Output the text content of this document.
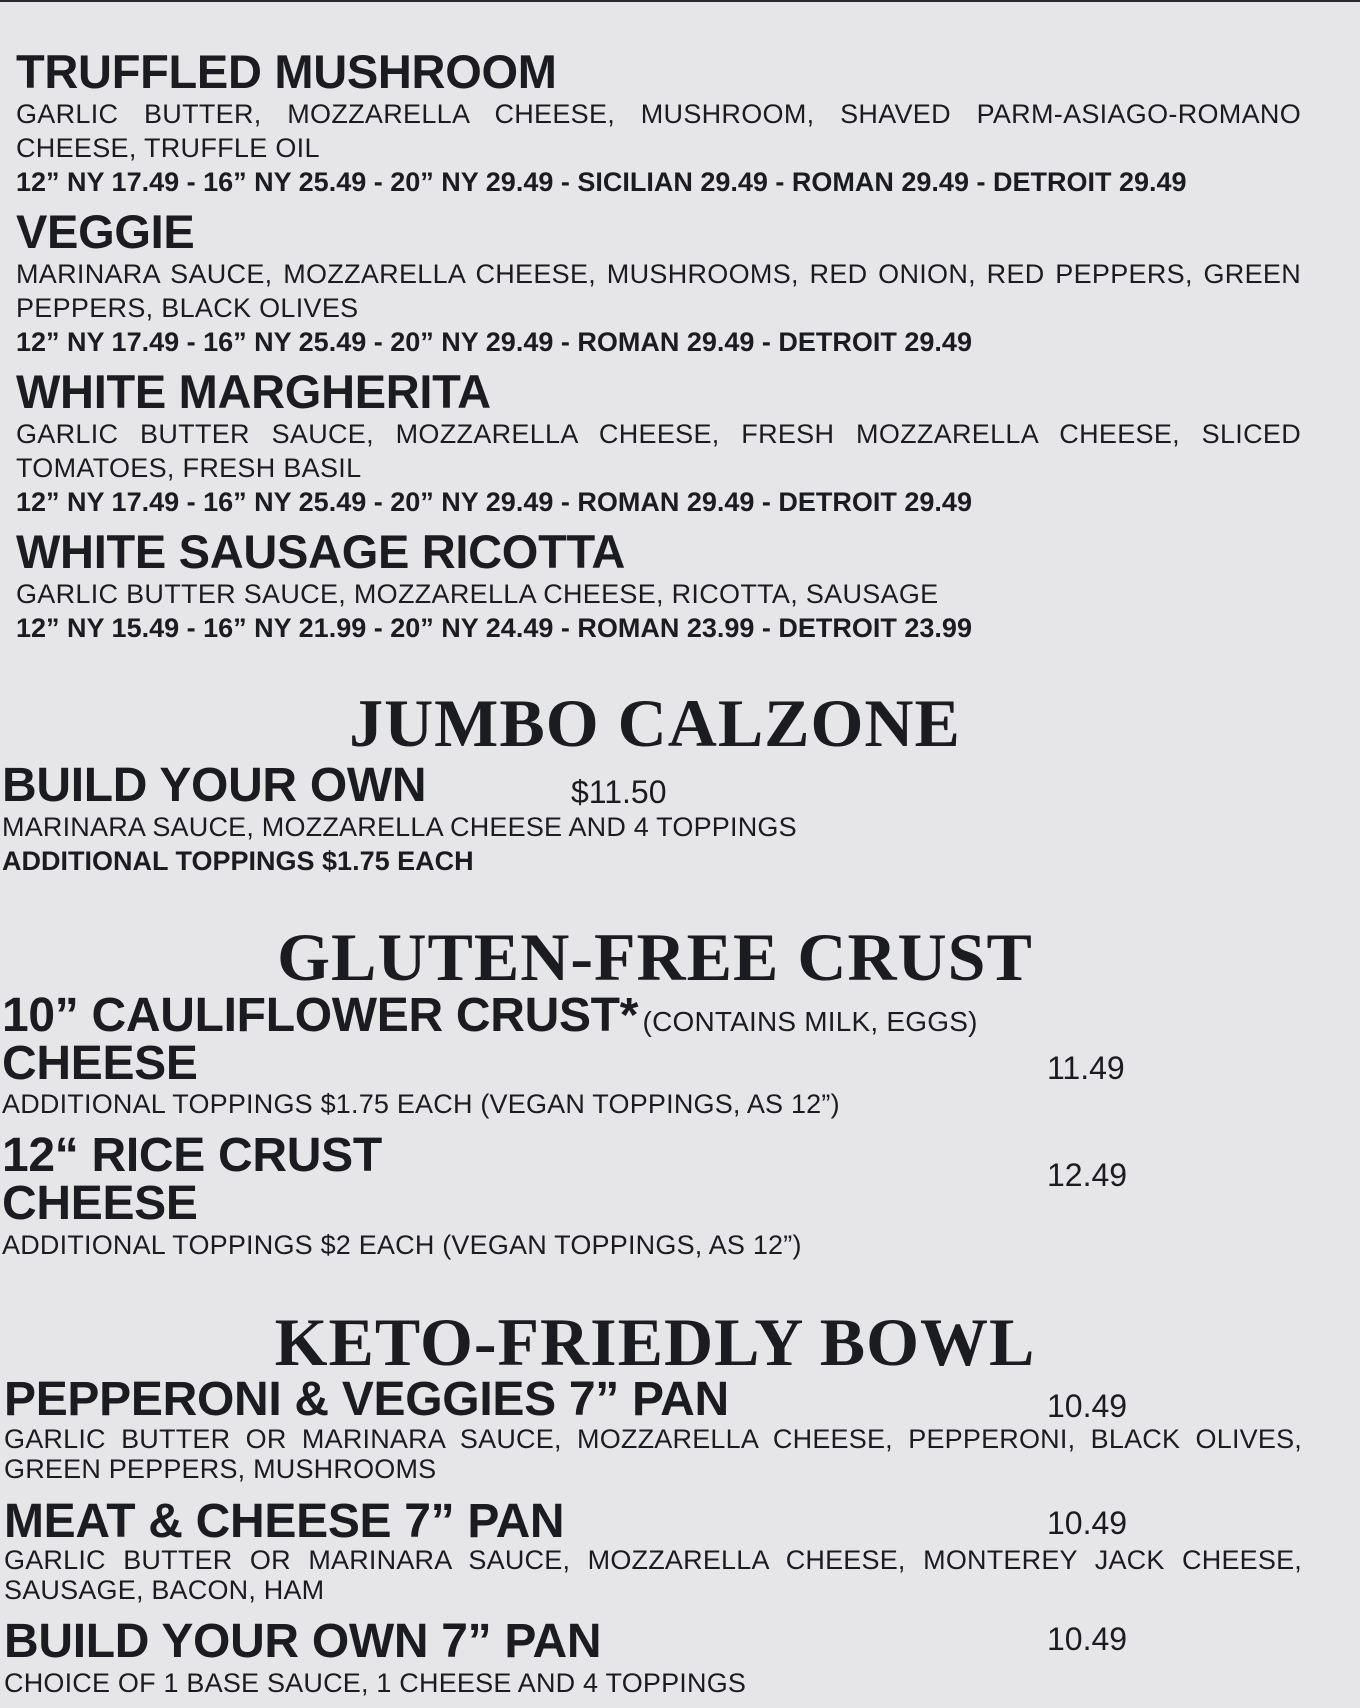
TRUFFLED MUSHROOM
GARLIC BUTTER, MOZZARELLA CHEESE, MUSHROOM, SHAVED PARM-ASIAGO-ROMANO CHEESE, TRUFFLE OIL
12” NY 17.49 - 16” NY 25.49 - 20” NY 29.49 - SICILIAN 29.49 - ROMAN 29.49 - DETROIT 29.49
VEGGIE
MARINARA SAUCE, MOZZARELLA CHEESE, MUSHROOMS, RED ONION, RED PEPPERS, GREEN PEPPERS, BLACK OLIVES
12” NY 17.49 - 16” NY 25.49 - 20” NY 29.49 - ROMAN 29.49 - DETROIT 29.49
WHITE MARGHERITA
GARLIC BUTTER SAUCE, MOZZARELLA CHEESE, FRESH MOZZARELLA CHEESE, SLICED TOMATOES, FRESH BASIL
12” NY 17.49 - 16” NY 25.49 - 20” NY 29.49 - ROMAN 29.49 - DETROIT 29.49
WHITE SAUSAGE RICOTTA
GARLIC BUTTER SAUCE, MOZZARELLA CHEESE, RICOTTA, SAUSAGE
12” NY 15.49 - 16” NY 21.99 - 20” NY 24.49 - ROMAN 23.99 - DETROIT 23.99
JUMBO CALZONE
BUILD YOUR OWN	$11.50
MARINARA SAUCE, MOZZARELLA CHEESE AND 4 TOPPINGS
ADDITIONAL TOPPINGS $1.75 EACH
GLUTEN-FREE CRUST
10” CAULIFLOWER CRUST* (CONTAINS MILK, EGGS)
CHEESE	11.49
ADDITIONAL TOPPINGS $1.75 EACH (VEGAN TOPPINGS, AS 12”)
12“ RICE CRUST
CHEESE
12.49
ADDITIONAL TOPPINGS $2 EACH (VEGAN TOPPINGS, AS 12”)
KETO-FRIEDLY BOWL
PEPPERONI & VEGGIES 7” PAN	10.49
GARLIC BUTTER OR MARINARA SAUCE, MOZZARELLA CHEESE, PEPPERONI, BLACK OLIVES, GREEN PEPPERS, MUSHROOMS
MEAT & CHEESE 7” PAN	10.49
GARLIC BUTTER OR MARINARA SAUCE, MOZZARELLA CHEESE, MONTEREY JACK CHEESE, SAUSAGE, BACON, HAM
BUILD YOUR OWN 7” PAN	10.49
CHOICE OF 1 BASE SAUCE, 1 CHEESE AND 4 TOPPINGS
